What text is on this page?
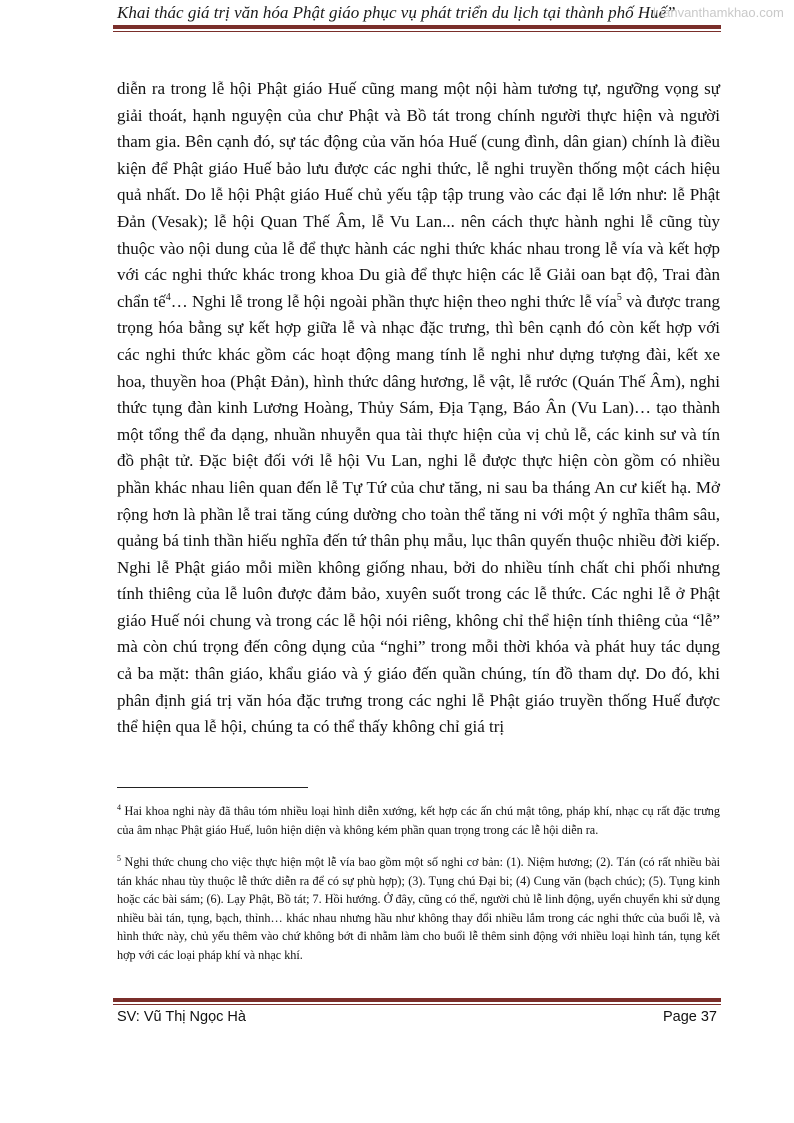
Khai thác giá trị văn hóa Phật giáo phục vụ phát triển du lịch tại thành phố Huế”
luanvanthamkhao.com
diễn ra trong lễ hội Phật giáo Huế cũng mang một nội hàm tương tự, ngưỡng vọng sự giải thoát, hạnh nguyện của chư Phật và Bồ tát trong chính người thực hiện và người tham gia. Bên cạnh đó, sự tác động của văn hóa Huế (cung đình, dân gian) chính là điều kiện để Phật giáo Huế bảo lưu được các nghi thức, lễ nghi truyền thống một cách hiệu quả nhất. Do lễ hội Phật giáo Huế chủ yếu tập tập trung vào các đại lễ lớn như: lễ Phật Đản (Vesak); lễ hội Quan Thế Âm, lễ Vu Lan... nên cách thực hành nghi lễ cũng tùy thuộc vào nội dung của lễ để thực hành các nghi thức khác nhau trong lễ vía và kết hợp với các nghi thức khác trong khoa Du già để thực hiện các lễ Giải oan bạt độ, Trai đàn chẩn tế$^4$… Nghi lễ trong lễ hội ngoài phần thực hiện theo nghi thức lễ vía$^5$ và được trang trọng hóa bằng sự kết hợp giữa lễ và nhạc đặc trưng, thì bên cạnh đó còn kết hợp với các nghi thức khác gồm các hoạt động mang tính lễ nghi như dựng tượng đài, kết xe hoa, thuyền hoa (Phật Đản), hình thức dâng hương, lễ vật, lễ rước (Quán Thế Âm), nghi thức tụng đàn kinh Lương Hoàng, Thủy Sám, Địa Tạng, Báo Ân (Vu Lan)… tạo thành một tổng thể đa dạng, nhuần nhuyễn qua tài thực hiện của vị chủ lễ, các kinh sư và tín đồ phật tử. Đặc biệt đối với lễ hội Vu Lan, nghi lễ được thực hiện còn gồm có nhiều phần khác nhau liên quan đến lễ Tự Tứ của chư tăng, ni sau ba tháng An cư kiết hạ. Mở rộng hơn là phần lễ trai tăng cúng dường cho toàn thể tăng ni với một ý nghĩa thâm sâu, quảng bá tinh thần hiếu nghĩa đến tứ thân phụ mẫu, lục thân quyến thuộc nhiều đời kiếp. Nghi lễ Phật giáo mỗi miền không giống nhau, bởi do nhiều tính chất chi phối nhưng tính thiêng của lễ luôn được đảm bảo, xuyên suốt trong các lễ thức. Các nghi lễ ở Phật giáo Huế nói chung và trong các lễ hội nói riêng, không chỉ thể hiện tính thiêng của “lễ” mà còn chú trọng đến công dụng của “nghi” trong mỗi thời khóa và phát huy tác dụng cả ba mặt: thân giáo, khẩu giáo và ý giáo đến quần chúng, tín đồ tham dự. Do đó, khi phân định giá trị văn hóa đặc trưng trong các nghi lễ Phật giáo truyền thống Huế được thể hiện qua lễ hội, chúng ta có thể thấy không chỉ giá trị

$^4$ Hai khoa nghi này đã thâu tóm nhiều loại hình diễn xướng, kết hợp các ấn chú mật tông, pháp khí, nhạc cụ rất đặc trưng của âm nhạc Phật giáo Huế, luôn hiện diện và không kém phần quan trọng trong các lễ hội diễn ra.

$^5$ Nghi thức chung cho việc thực hiện một lễ vía bao gồm một số nghi cơ bản: (1). Niệm hương; (2). Tán (có rất nhiều bài tán khác nhau tùy thuộc lễ thức diễn ra để có sự phù hợp); (3). Tụng chú Đại bi; (4) Cung văn (bạch chúc); (5). Tụng kinh hoặc các bài sám; (6). Lạy Phật, Bồ tát; 7. Hồi hướng. Ở đây, cũng có thể, người chủ lễ linh động, uyển chuyển khi sử dụng nhiều bài tán, tụng, bạch, thỉnh… khác nhau nhưng hầu như không thay đổi nhiều lắm trong các nghi thức của buổi lễ, và hình thức này, chủ yếu thêm vào chứ không bớt đi nhằm làm cho buổi lễ thêm sinh động với nhiều loại hình tán, tụng kết hợp với các loại pháp khí và nhạc khí.

SV: Vũ Thị Ngọc Hà	Page 37
